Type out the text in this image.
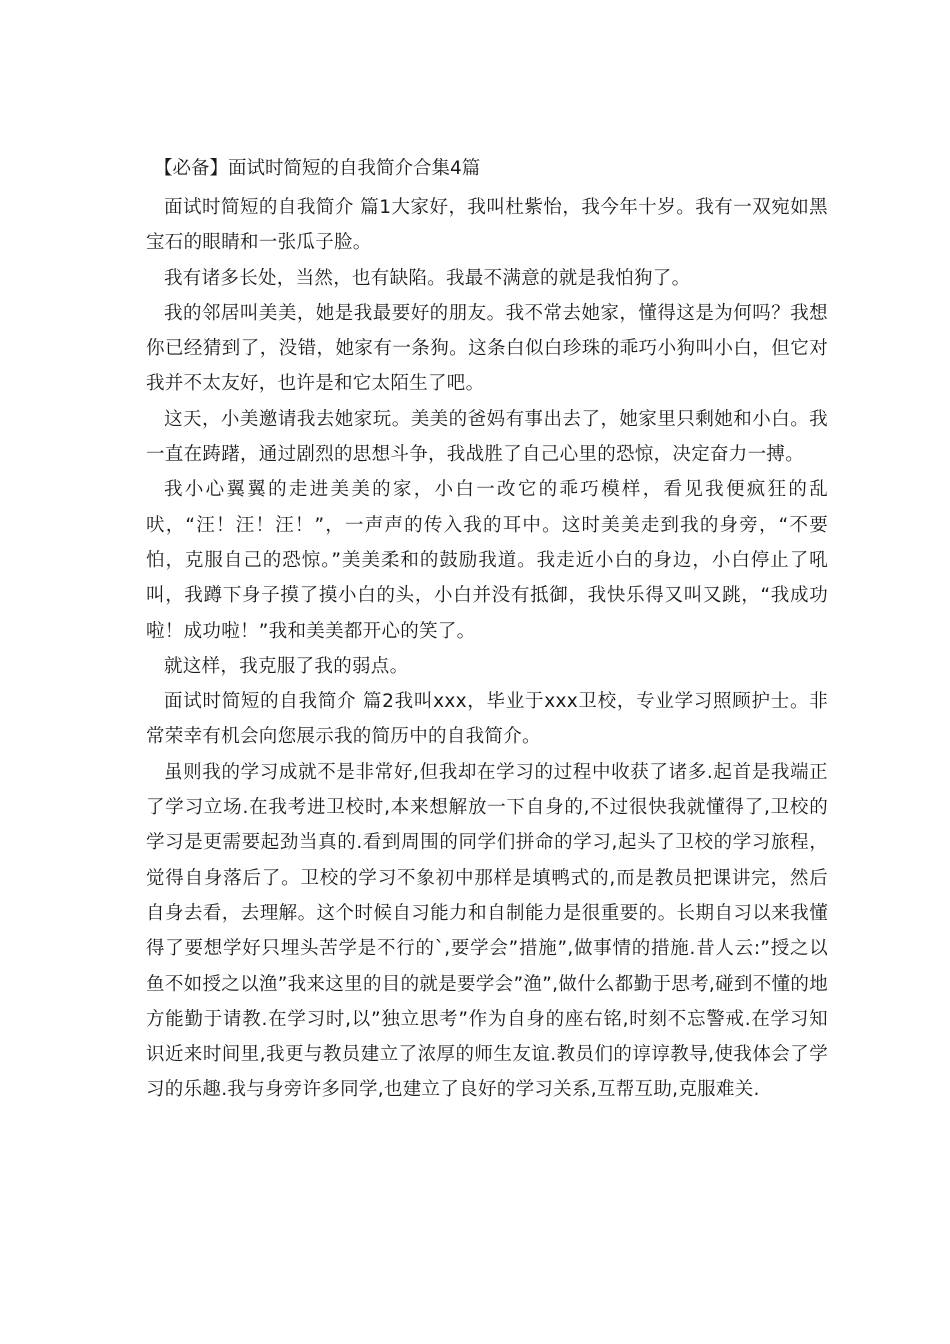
【必备】面试时简短的自我简介合集4篇

面试时简短的自我简介 篇1大家好，我叫杜紫怡，我今年十岁。我有一双宛如黑宝石的眼睛和一张瓜子脸。

我有诸多长处，当然，也有缺陷。我最不满意的就是我怕狗了。

我的邻居叫美美，她是我最要好的朋友。我不常去她家，懂得这是为何吗？我想你已经猜到了，没错，她家有一条狗。这条白似白珍珠的乖巧小狗叫小白，但它对我并不太友好，也许是和它太陌生了吧。

这天，小美邀请我去她家玩。美美的爸妈有事出去了，她家里只剩她和小白。我一直在踌躇，通过剧烈的思想斗争，我战胜了自己心里的恐惊，决定奋力一搏。

我小心翼翼的走进美美的家，小白一改它的乖巧模样，看见我便疯狂的乱吠，“汪！汪！汪！”，一声声的传入我的耳中。这时美美走到我的身旁，“不要怕，克服自己的恐惊。”美美柔和的鼓励我道。我走近小白的身边，小白停止了吼叫，我蹲下身子摸了摸小白的头，小白并没有抵御，我快乐得又叫又跳，“我成功啦！成功啦！”我和美美都开心的笑了。

就这样，我克服了我的弱点。

面试时简短的自我简介 篇2我叫xxx，毕业于xxx卫校，专业学习照顾护士。非常荣幸有机会向您展示我的简历中的自我简介。

虽则我的学习成就不是非常好,但我却在学习的过程中收获了诸多.起首是我端正了学习立场.在我考进卫校时,本来想解放一下自身的,不过很快我就懂得了,卫校的学习是更需要起劲当真的.看到周围的同学们拼命的学习,起头了卫校的学习旅程，觉得自身落后了。卫校的学习不象初中那样是填鸭式的,而是教员把课讲完，然后自身去看，去理解。这个时候自习能力和自制能力是很重要的。长期自习以来我懂得了要想学好只埋头苦学是不行的`,要学会”措施”,做事情的措施.昔人云:”授之以鱼不如授之以渔”我来这里的目的就是要学会”渔”,做什么都勤于思考,碰到不懂的地方能勤于请教.在学习时,以”独立思考”作为自身的座右铭,时刻不忘警戒.在学习知识近来时间里,我更与教员建立了浓厚的师生友谊.教员们的谆谆教导,使我体会了学习的乐趣.我与身旁许多同学,也建立了良好的学习关系,互帮互助,克服难关.
